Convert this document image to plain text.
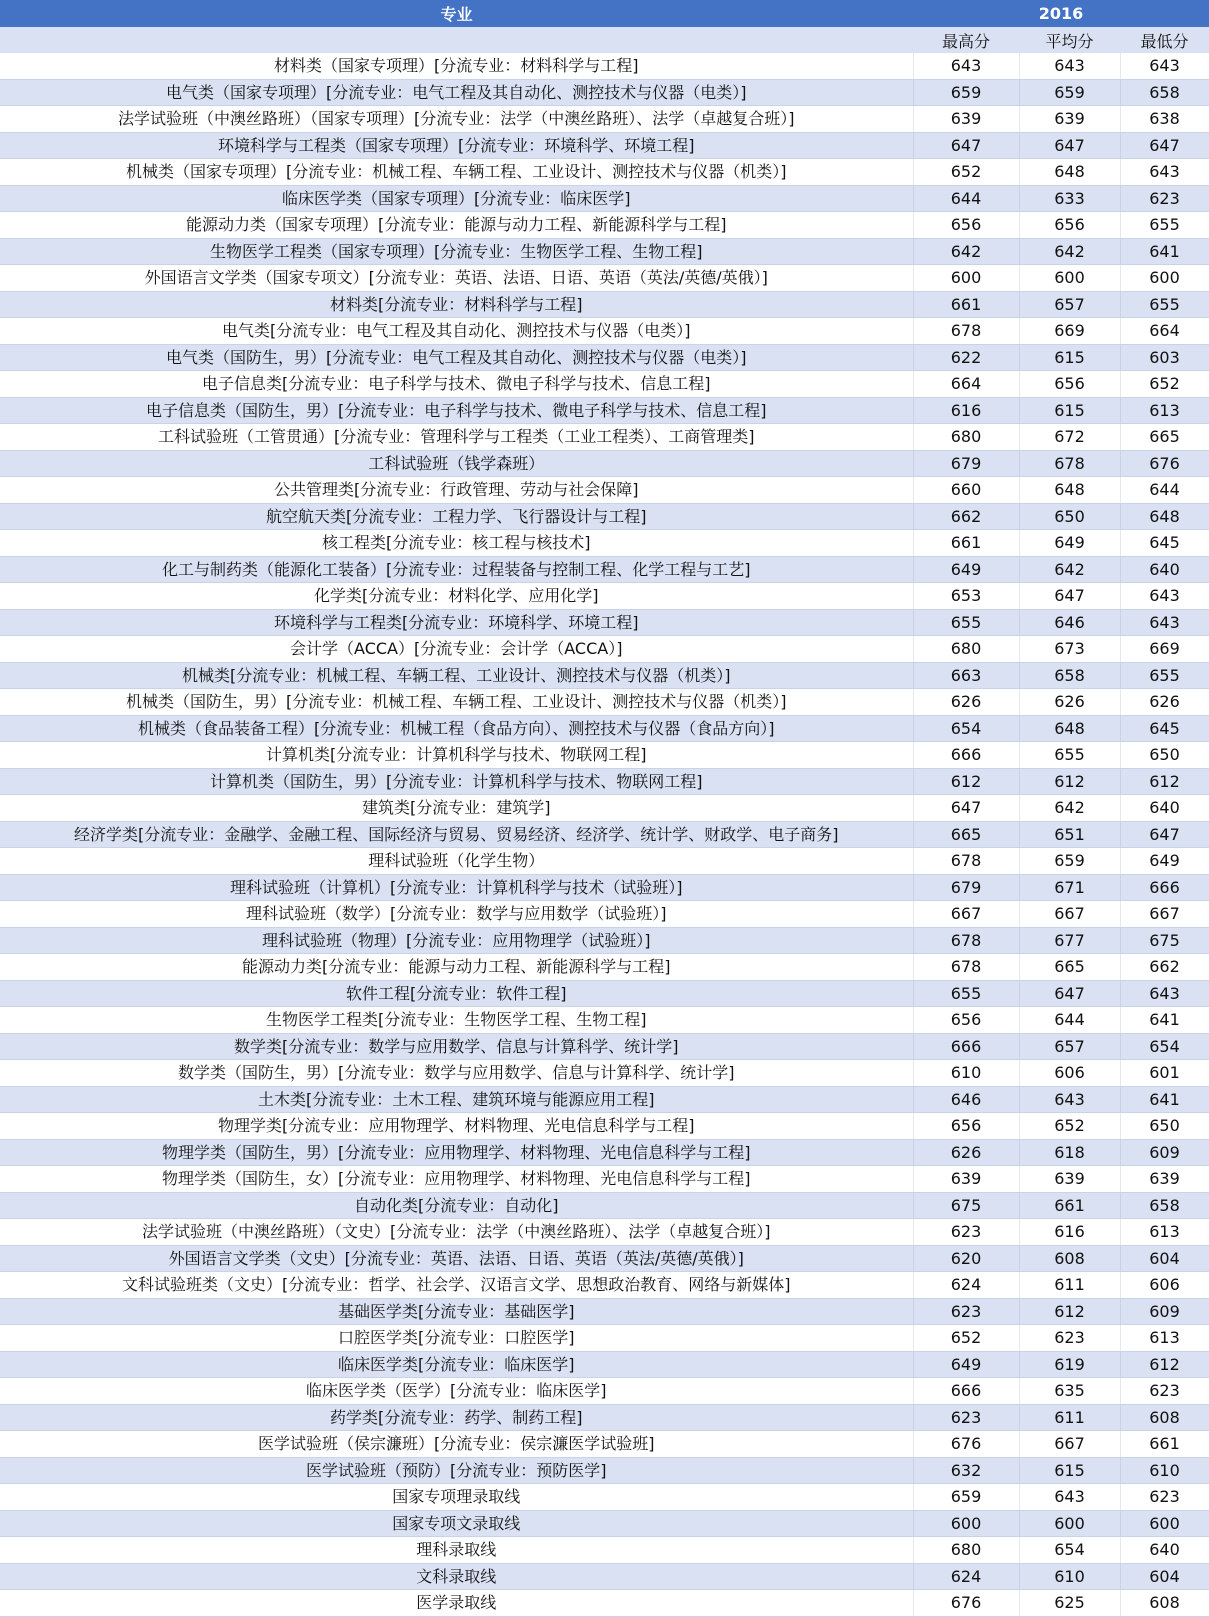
专业	2016		
	最高分	平均分	最低分
材料类（国家专项理）[分流专业：材料科学与工程]	643	643	643
电气类（国家专项理）[分流专业：电气工程及其自动化、测控技术与仪器（电类）]	659	659	658
法学试验班（中澳丝路班）（国家专项理）[分流专业：法学（中澳丝路班）、法学（卓越复合班）]	639	639	638
环境科学与工程类（国家专项理）[分流专业：环境科学、环境工程]	647	647	647
机械类（国家专项理）[分流专业：机械工程、车辆工程、工业设计、测控技术与仪器（机类）]	652	648	643
临床医学类（国家专项理）[分流专业：临床医学]	644	633	623
能源动力类（国家专项理）[分流专业：能源与动力工程、新能源科学与工程]	656	656	655
生物医学工程类（国家专项理）[分流专业：生物医学工程、生物工程]	642	642	641
外国语言文学类（国家专项文）[分流专业：英语、法语、日语、英语（英法/英德/英俄）]	600	600	600
材料类[分流专业：材料科学与工程]	661	657	655
电气类[分流专业：电气工程及其自动化、测控技术与仪器（电类）]	678	669	664
电气类（国防生，男）[分流专业：电气工程及其自动化、测控技术与仪器（电类）]	622	615	603
电子信息类[分流专业：电子科学与技术、微电子科学与技术、信息工程]	664	656	652
电子信息类（国防生，男）[分流专业：电子科学与技术、微电子科学与技术、信息工程]	616	615	613
工科试验班（工管贯通）[分流专业：管理科学与工程类（工业工程类）、工商管理类]	680	672	665
工科试验班（钱学森班）	679	678	676
公共管理类[分流专业：行政管理、劳动与社会保障]	660	648	644
航空航天类[分流专业：工程力学、飞行器设计与工程]	662	650	648
核工程类[分流专业：核工程与核技术]	661	649	645
化工与制药类（能源化工装备）[分流专业：过程装备与控制工程、化学工程与工艺]	649	642	640
化学类[分流专业：材料化学、应用化学]	653	647	643
环境科学与工程类[分流专业：环境科学、环境工程]	655	646	643
会计学（ACCA）[分流专业：会计学（ACCA）]	680	673	669
机械类[分流专业：机械工程、车辆工程、工业设计、测控技术与仪器（机类）]	663	658	655
机械类（国防生，男）[分流专业：机械工程、车辆工程、工业设计、测控技术与仪器（机类）]	626	626	626
机械类（食品装备工程）[分流专业：机械工程（食品方向）、测控技术与仪器（食品方向）]	654	648	645
计算机类[分流专业：计算机科学与技术、物联网工程]	666	655	650
计算机类（国防生，男）[分流专业：计算机科学与技术、物联网工程]	612	612	612
建筑类[分流专业：建筑学]	647	642	640
经济学类[分流专业：金融学、金融工程、国际经济与贸易、贸易经济、经济学、统计学、财政学、电子商务]	665	651	647
理科试验班（化学生物）	678	659	649
理科试验班（计算机）[分流专业：计算机科学与技术（试验班）]	679	671	666
理科试验班（数学）[分流专业：数学与应用数学（试验班）]	667	667	667
理科试验班（物理）[分流专业：应用物理学（试验班）]	678	677	675
能源动力类[分流专业：能源与动力工程、新能源科学与工程]	678	665	662
软件工程[分流专业：软件工程]	655	647	643
生物医学工程类[分流专业：生物医学工程、生物工程]	656	644	641
数学类[分流专业：数学与应用数学、信息与计算科学、统计学]	666	657	654
数学类（国防生，男）[分流专业：数学与应用数学、信息与计算科学、统计学]	610	606	601
土木类[分流专业：土木工程、建筑环境与能源应用工程]	646	643	641
物理学类[分流专业：应用物理学、材料物理、光电信息科学与工程]	656	652	650
物理学类（国防生，男）[分流专业：应用物理学、材料物理、光电信息科学与工程]	626	618	609
物理学类（国防生，女）[分流专业：应用物理学、材料物理、光电信息科学与工程]	639	639	639
自动化类[分流专业：自动化]	675	661	658
法学试验班（中澳丝路班）（文史）[分流专业：法学（中澳丝路班）、法学（卓越复合班）]	623	616	613
外国语言文学类（文史）[分流专业：英语、法语、日语、英语（英法/英德/英俄）]	620	608	604
文科试验班类（文史）[分流专业：哲学、社会学、汉语言文学、思想政治教育、网络与新媒体]	624	611	606
基础医学类[分流专业：基础医学]	623	612	609
口腔医学类[分流专业：口腔医学]	652	623	613
临床医学类[分流专业：临床医学]	649	619	612
临床医学类（医学）[分流专业：临床医学]	666	635	623
药学类[分流专业：药学、制药工程]	623	611	608
医学试验班（侯宗濂班）[分流专业：侯宗濂医学试验班]	676	667	661
医学试验班（预防）[分流专业：预防医学]	632	615	610
国家专项理录取线	659	643	623
国家专项文录取线	600	600	600
理科录取线	680	654	640
文科录取线	624	610	604
医学录取线	676	625	608
